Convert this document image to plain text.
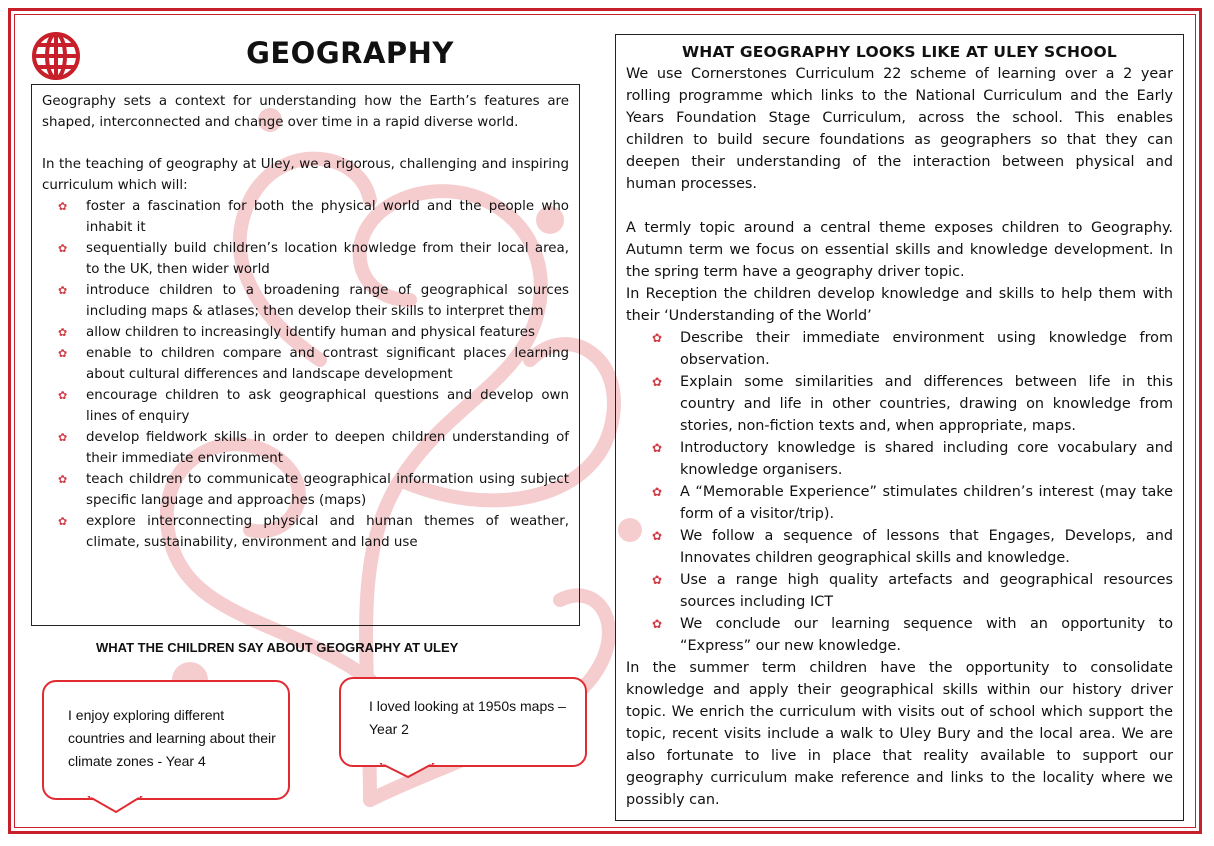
GEOGRAPHY

Geography sets a context for understanding how the Earth’s features are shaped, interconnected and change over time in a rapid diverse world.

In the teaching of geography at Uley, we a rigorous, challenging and inspiring curriculum which will:

✿ foster a fascination for both the physical world and the people who inhabit it
✿ sequentially build children’s location knowledge from their local area, to the UK, then wider world
✿ introduce children to a broadening range of geographical sources including maps & atlases; then develop their skills to interpret them
✿ allow children to increasingly identify human and physical features
✿ enable to children compare and contrast significant places learning about cultural differences and landscape development
✿ encourage children to ask geographical questions and develop own lines of enquiry
✿ develop fieldwork skills in order to deepen children understanding of their immediate environment
✿ teach children to communicate geographical information using subject specific language and approaches (maps)
✿ explore interconnecting physical and human themes of weather, climate, sustainability, environment and land use

WHAT THE CHILDREN SAY ABOUT GEOGRAPHY AT ULEY

I enjoy exploring different countries and learning about their climate zones - Year 4
I loved looking at 1950s maps – Year 2
WHAT GEOGRAPHY LOOKS LIKE AT ULEY SCHOOL

We use Cornerstones Curriculum 22 scheme of learning over a 2 year rolling programme which links to the National Curriculum and the Early Years Foundation Stage Curriculum, across the school. This enables children to build secure foundations as geographers so that they can deepen their understanding of the interaction between physical and human processes.

A termly topic around a central theme exposes children to Geography. Autumn term we focus on essential skills and knowledge development. In the spring term have a geography driver topic.

In Reception the children develop knowledge and skills to help them with their ‘Understanding of the World’

✿ Describe their immediate environment using knowledge from observation.
✿ Explain some similarities and differences between life in this country and life in other countries, drawing on knowledge from stories, non-fiction texts and, when appropriate, maps.
✿ Introductory knowledge is shared including core vocabulary and knowledge organisers.
✿ A “Memorable Experience” stimulates children’s interest (may take form of a visitor/trip).
✿ We follow a sequence of lessons that Engages, Develops, and Innovates children geographical skills and knowledge.
✿ Use a range high quality artefacts and geographical resources sources including ICT
✿ We conclude our learning sequence with an opportunity to “Express” our new knowledge.

In the summer term children have the opportunity to consolidate knowledge and apply their geographical skills within our history driver topic. We enrich the curriculum with visits out of school which support the topic, recent visits include a walk to Uley Bury and the local area. We are also fortunate to live in place that reality available to support our geography curriculum make reference and links to the locality where we possibly can.
